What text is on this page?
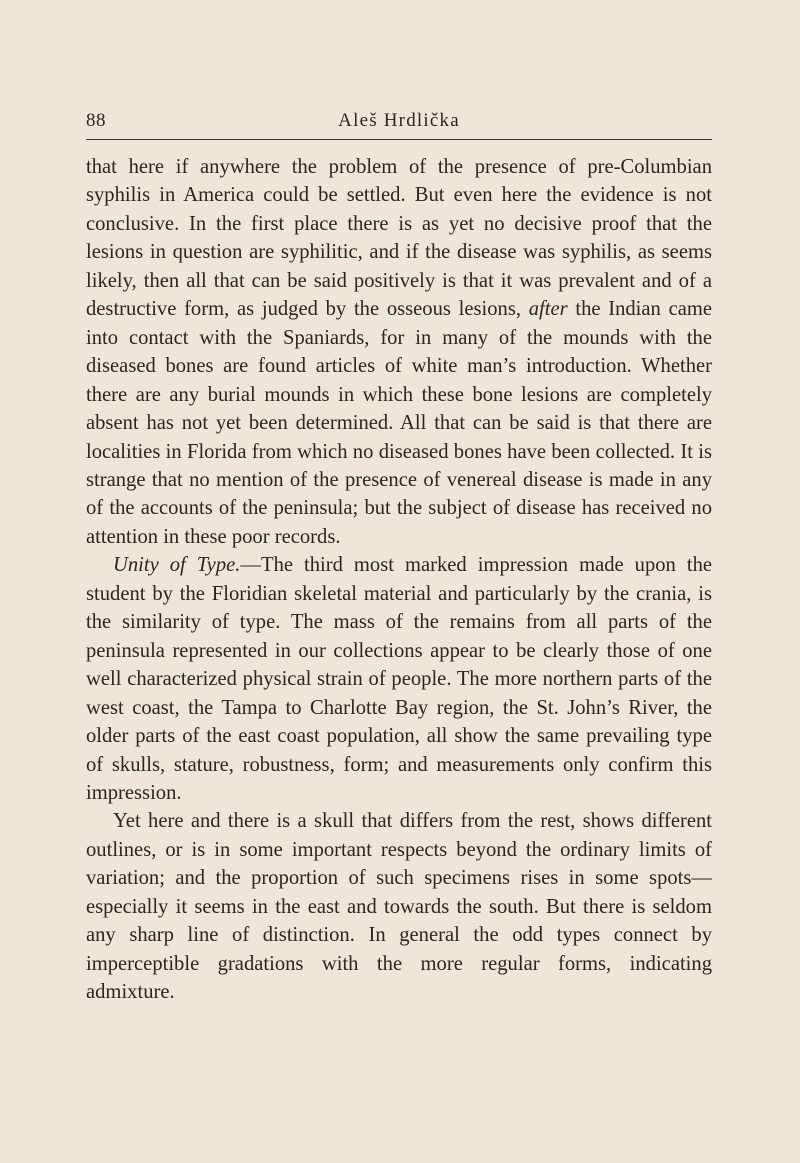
88	Aleš Hrdlička

that here if anywhere the problem of the presence of pre-Columbian syphilis in America could be settled. But even here the evidence is not conclusive. In the first place there is as yet no decisive proof that the lesions in question are syphilitic, and if the disease was syphilis, as seems likely, then all that can be said positively is that it was prevalent and of a destructive form, as judged by the osseous lesions, after the Indian came into contact with the Spaniards, for in many of the mounds with the diseased bones are found articles of white man’s introduction. Whether there are any burial mounds in which these bone lesions are completely absent has not yet been determined. All that can be said is that there are localities in Florida from which no diseased bones have been collected. It is strange that no mention of the presence of venereal disease is made in any of the accounts of the peninsula; but the subject of disease has received no attention in these poor records.

Unity of Type.—The third most marked impression made upon the student by the Floridian skeletal material and particularly by the crania, is the similarity of type. The mass of the remains from all parts of the peninsula represented in our collections appear to be clearly those of one well characterized physical strain of people. The more northern parts of the west coast, the Tampa to Charlotte Bay region, the St. John’s River, the older parts of the east coast population, all show the same prevailing type of skulls, stature, robustness, form; and measurements only confirm this impression.

Yet here and there is a skull that differs from the rest, shows different outlines, or is in some important respects beyond the ordinary limits of variation; and the proportion of such specimens rises in some spots—especially it seems in the east and towards the south. But there is seldom any sharp line of distinction. In general the odd types connect by imperceptible gradations with the more regular forms, indicating admixture.
